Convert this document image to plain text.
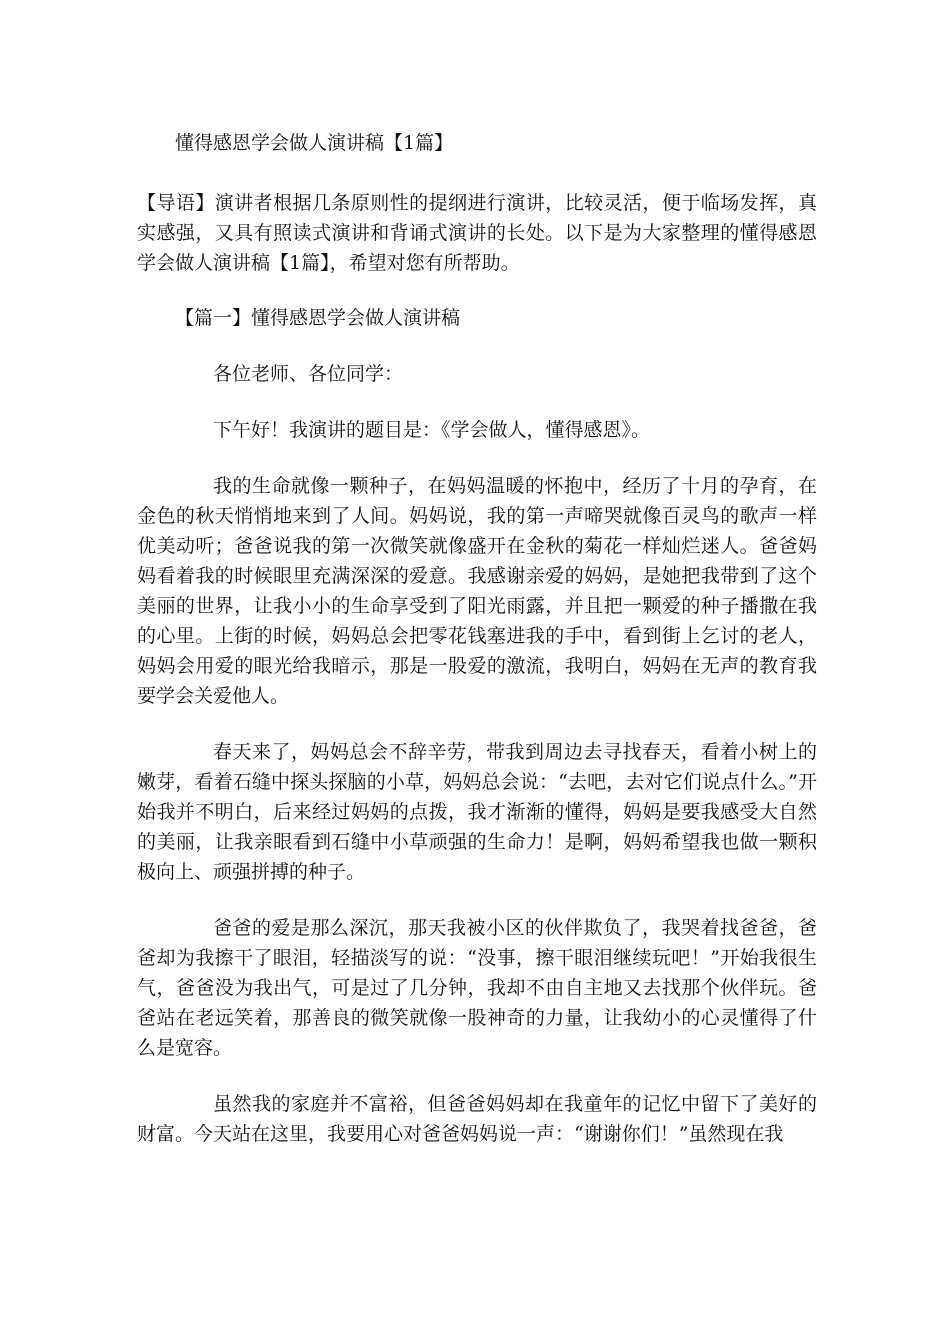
懂得感恩学会做人演讲稿【1篇】

【导语】演讲者根据几条原则性的提纲进行演讲，比较灵活，便于临场发挥，真实感强，又具有照读式演讲和背诵式演讲的长处。以下是为大家整理的懂得感恩学会做人演讲稿【1篇】，希望对您有所帮助。

【篇一】懂得感恩学会做人演讲稿

各位老师、各位同学：

下午好！我演讲的题目是：《学会做人，懂得感恩》。

我的生命就像一颗种子，在妈妈温暖的怀抱中，经历了十月的孕育，在金色的秋天悄悄地来到了人间。妈妈说，我的第一声啼哭就像百灵鸟的歌声一样优美动听；爸爸说我的第一次微笑就像盛开在金秋的菊花一样灿烂迷人。爸爸妈妈看着我的时候眼里充满深深的爱意。我感谢亲爱的妈妈，是她把我带到了这个美丽的世界，让我小小的生命享受到了阳光雨露，并且把一颗爱的种子播撒在我的心里。上街的时候，妈妈总会把零花钱塞进我的手中，看到街上乞讨的老人，妈妈会用爱的眼光给我暗示，那是一股爱的激流，我明白，妈妈在无声的教育我要学会关爱他人。

春天来了，妈妈总会不辞辛劳，带我到周边去寻找春天，看着小树上的嫩芽，看着石缝中探头探脑的小草，妈妈总会说：“去吧，去对它们说点什么。”开始我并不明白，后来经过妈妈的点拨，我才渐渐的懂得，妈妈是要我感受大自然的美丽，让我亲眼看到石缝中小草顽强的生命力！是啊，妈妈希望我也做一颗积极向上、顽强拼搏的种子。

爸爸的爱是那么深沉，那天我被小区的伙伴欺负了，我哭着找爸爸，爸爸却为我擦干了眼泪，轻描淡写的说：“没事，擦干眼泪继续玩吧！”开始我很生气，爸爸没为我出气，可是过了几分钟，我却不由自主地又去找那个伙伴玩。爸爸站在老远笑着，那善良的微笑就像一股神奇的力量，让我幼小的心灵懂得了什么是宽容。

虽然我的家庭并不富裕，但爸爸妈妈却在我童年的记忆中留下了美好的财富。今天站在这里，我要用心对爸爸妈妈说一声：“谢谢你们！”虽然现在我
